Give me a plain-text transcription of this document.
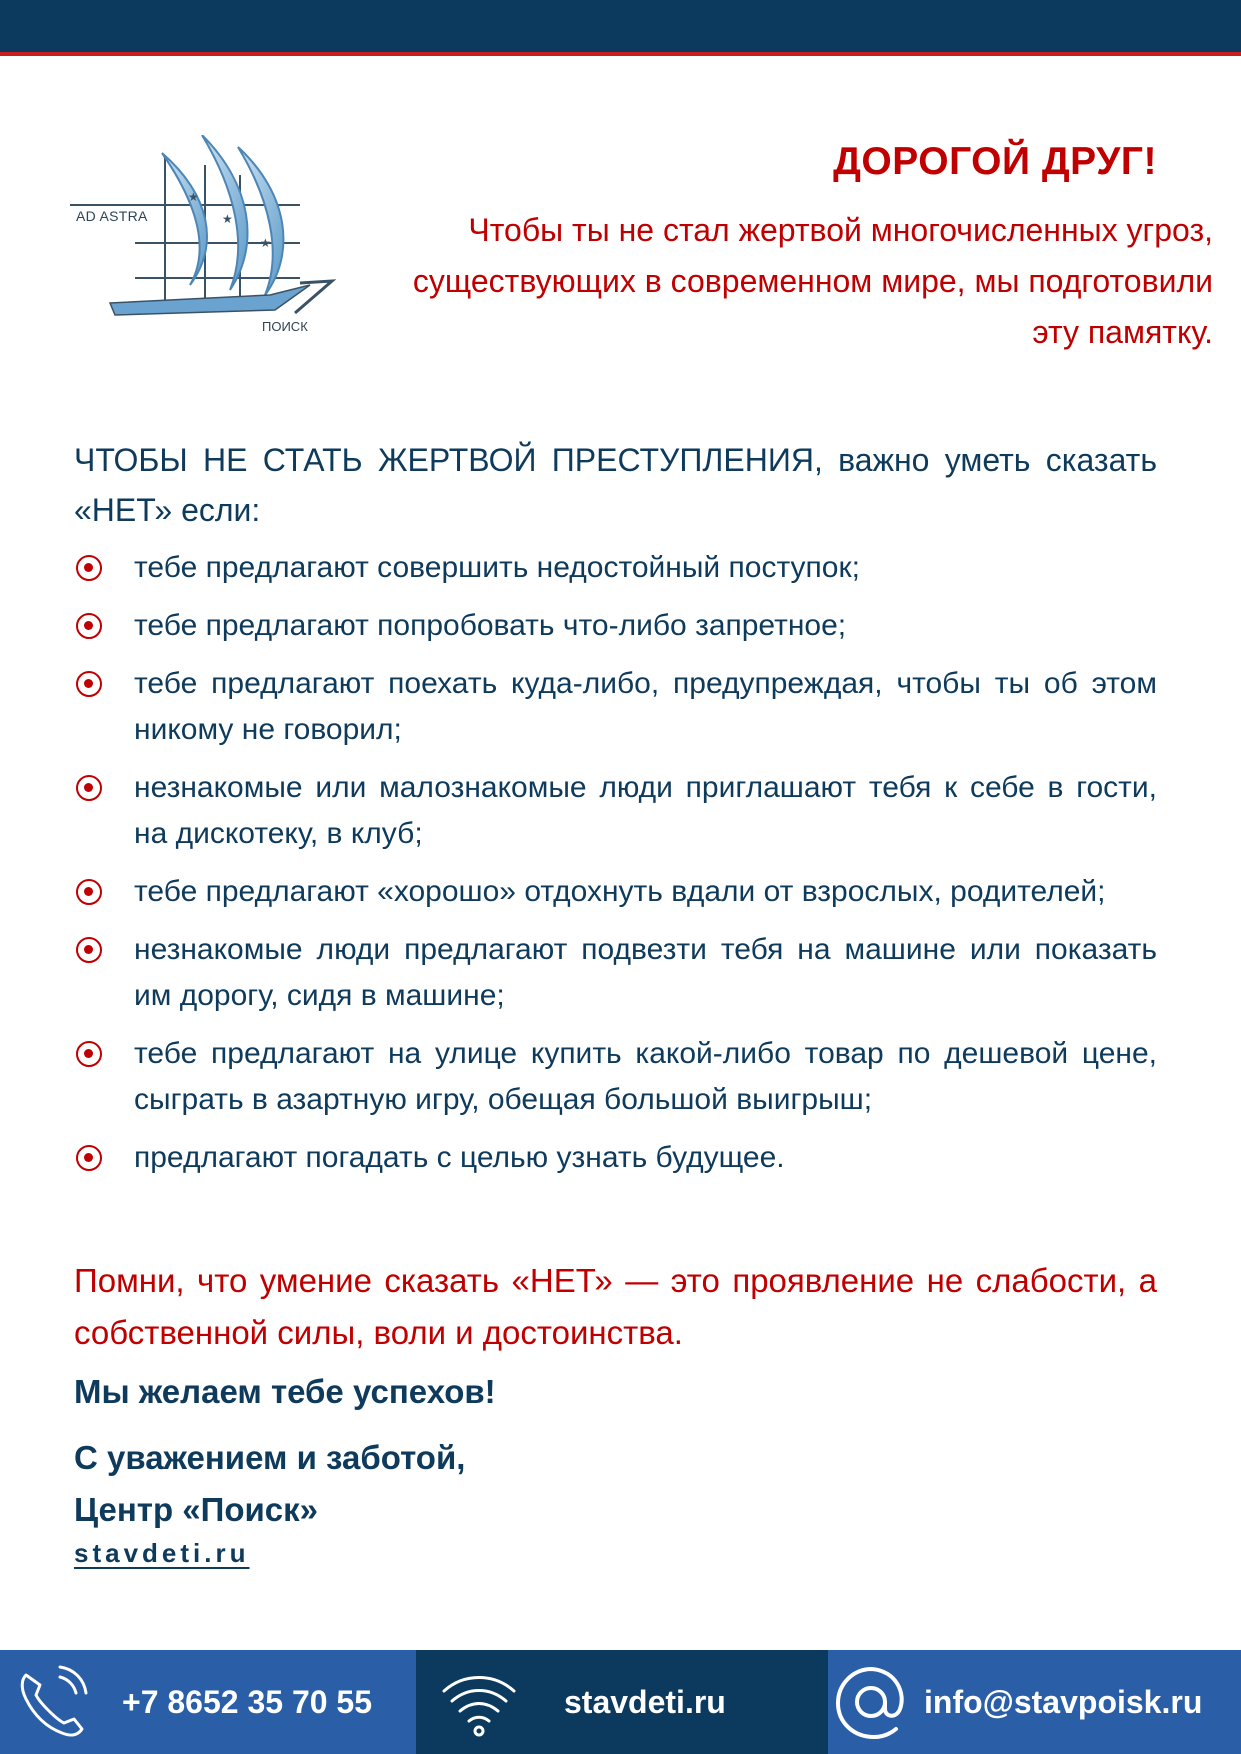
★
★
★
AD ASTRA
ПОИСК
ДОРОГОЙ ДРУГ!
Чтобы ты не стал жертвой многочисленных угроз, существующих в современном мире, мы подготовили эту памятку.
ЧТОБЫ НЕ СТАТЬ ЖЕРТВОЙ ПРЕСТУПЛЕНИЯ, важно уметь сказать «НЕТ» если:
тебе предлагают совершить недостойный поступок;
тебе предлагают попробовать что-либо запретное;
тебе предлагают поехать куда-либо, предупреждая, чтобы ты об этом никому не говорил;
незнакомые или малознакомые люди приглашают тебя к себе в гости, на дискотеку, в клуб;
тебе предлагают «хорошо» отдохнуть вдали от взрослых, родителей;
незнакомые люди предлагают подвезти тебя на машине или показать им дорогу, сидя в машине;
тебе предлагают на улице купить какой-либо товар по дешевой цене, сыграть в азартную игру, обещая большой выигрыш;
предлагают погадать с целью узнать будущее.
Помни, что умение сказать «НЕТ» — это проявление не слабости, а собственной силы, воли и достоинства.
Мы желаем тебе успехов!
С уважением и заботой,
Центр «Поиск»
stavdeti.ru
+7 8652 35 70 55	stavdeti.ru	info@stavpoisk.ru
